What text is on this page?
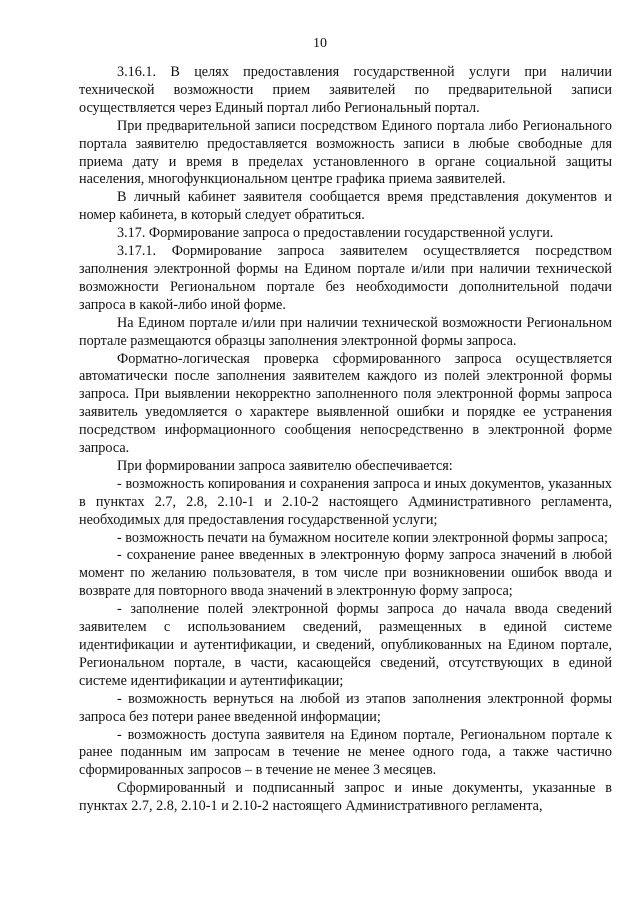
10

3.16.1. В целях предоставления государственной услуги при наличии технической возможности прием заявителей по предварительной записи осуществляется через Единый портал либо Региональный портал.

При предварительной записи посредством Единого портала либо Регионального портала заявителю предоставляется возможность записи в любые свободные для приема дату и время в пределах установленного в органе социальной защиты населения, многофункциональном центре графика приема заявителей.

В личный кабинет заявителя сообщается время представления документов и номер кабинета, в который следует обратиться.

3.17. Формирование запроса о предоставлении государственной услуги.

3.17.1. Формирование запроса заявителем осуществляется посредством заполнения электронной формы на Едином портале и/или при наличии технической возможности Региональном портале без необходимости дополнительной подачи запроса в какой-либо иной форме.

На Едином портале и/или при наличии технической возможности Региональном портале размещаются образцы заполнения электронной формы запроса.

Форматно-логическая проверка сформированного запроса осуществляется автоматически после заполнения заявителем каждого из полей электронной формы запроса. При выявлении некорректно заполненного поля электронной формы запроса заявитель уведомляется о характере выявленной ошибки и порядке ее устранения посредством информационного сообщения непосредственно в электронной форме запроса.

При формировании запроса заявителю обеспечивается:

- возможность копирования и сохранения запроса и иных документов, указанных в пунктах 2.7, 2.8, 2.10-1 и 2.10-2 настоящего Административного регламента, необходимых для предоставления государственной услуги;

- возможность печати на бумажном носителе копии электронной формы запроса;

- сохранение ранее введенных в электронную форму запроса значений в любой момент по желанию пользователя, в том числе при возникновении ошибок ввода и возврате для повторного ввода значений в электронную форму запроса;

- заполнение полей электронной формы запроса до начала ввода сведений заявителем с использованием сведений, размещенных в единой системе идентификации и аутентификации, и сведений, опубликованных на Едином портале, Региональном портале, в части, касающейся сведений, отсутствующих в единой системе идентификации и аутентификации;

- возможность вернуться на любой из этапов заполнения электронной формы запроса без потери ранее введенной информации;

- возможность доступа заявителя на Едином портале, Региональном портале к ранее поданным им запросам в течение не менее одного года, а также частично сформированных запросов – в течение не менее 3 месяцев.

Сформированный и подписанный запрос и иные документы, указанные в пунктах 2.7, 2.8, 2.10-1 и 2.10-2 настоящего Административного регламента,
